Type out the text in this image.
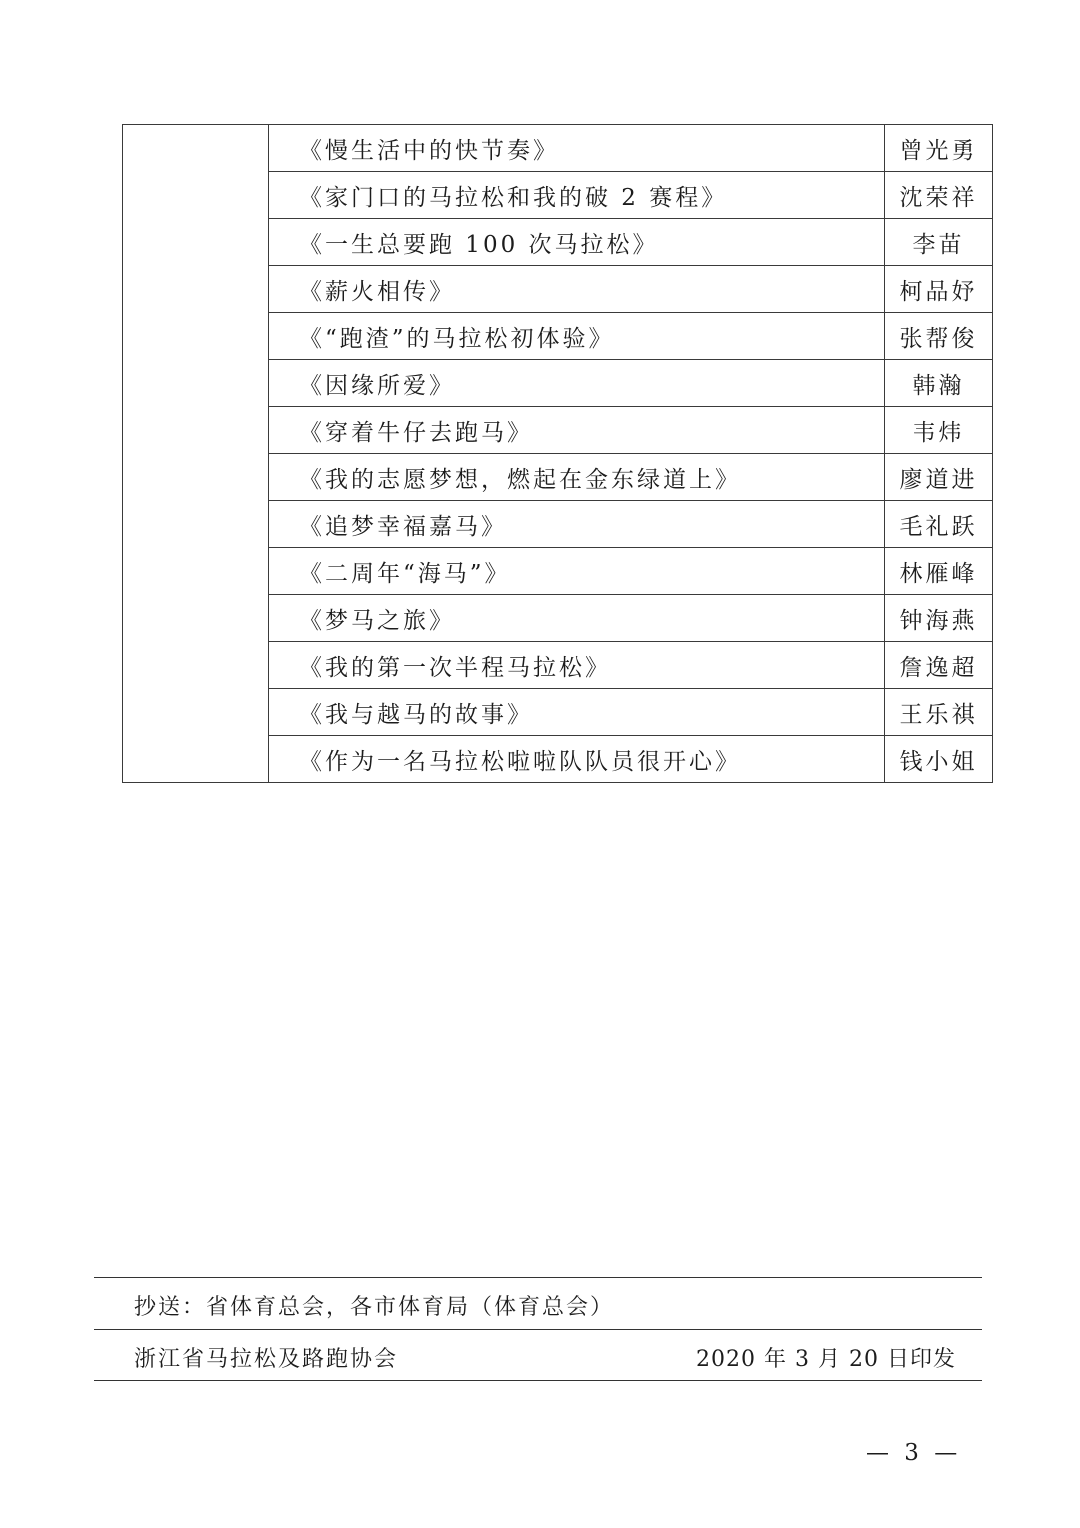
	《慢生活中的快节奏》	曾光勇
	《家门口的马拉松和我的破 2 赛程》	沈荣祥
	《一生总要跑 100 次马拉松》	李苗
	《薪火相传》	柯品妤
	《“跑渣”的马拉松初体验》	张帮俊
	《因缘所爱》	韩瀚
	《穿着牛仔去跑马》	韦炜
	《我的志愿梦想，燃起在金东绿道上》	廖道进
	《追梦幸福嘉马》	毛礼跃
	《二周年“海马”》	林雁峰
	《梦马之旅》	钟海燕
	《我的第一次半程马拉松》	詹逸超
	《我与越马的故事》	王乐祺
	《作为一名马拉松啦啦队队员很开心》	钱小姐
抄送：省体育总会，各市体育局（体育总会）
浙江省马拉松及路跑协会	2020 年 3 月 20 日印发
— 3 —
